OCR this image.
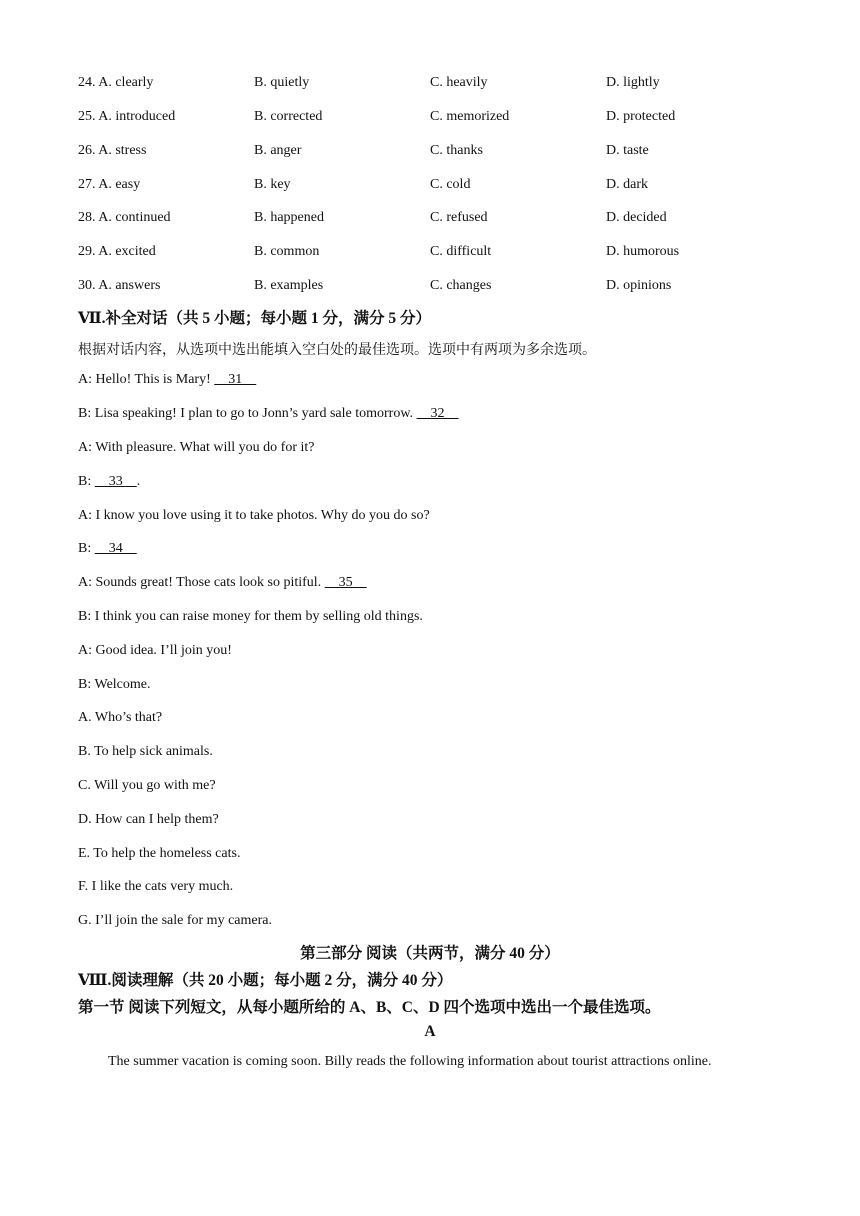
24. A. clearly	B. quietly	C. heavily	D. lightly
25. A. introduced	B. corrected	C. memorized	D. protected
26. A. stress	B. anger	C. thanks	D. taste
27. A. easy	B. key	C. cold	D. dark
28. A. continued	B. happened	C. refused	D. decided
29. A. excited	B. common	C. difficult	D. humorous
30. A. answers	B. examples	C. changes	D. opinions
Ⅶ.补全对话（共 5 小题；每小题 1 分，满分 5 分）
根据对话内容，从选项中选出能填入空白处的最佳选项。选项中有两项为多余选项。
A: Hello! This is Mary!     31
B: Lisa speaking! I plan to go to Jonn’s yard sale tomorrow.     32
A: With pleasure. What will you do for it?
B:     33    .
A: I know you love using it to take photos. Why do you do so?
B:     34
A: Sounds great! Those cats look so pitiful.     35
B: I think you can raise money for them by selling old things.
A: Good idea. I’ll join you!
B: Welcome.
A. Who’s that?
B. To help sick animals.
C. Will you go with me?
D. How can I help them?
E. To help the homeless cats.
F. I like the cats very much.
G. I’ll join the sale for my camera.
第三部分 阅读（共两节，满分 40 分）
Ⅷ.阅读理解（共 20 小题；每小题 2 分，满分 40 分）
第一节 阅读下列短文，从每小题所给的 A、B、C、D 四个选项中选出一个最佳选项。
A
The summer vacation is coming soon. Billy reads the following information about tourist attractions online.
